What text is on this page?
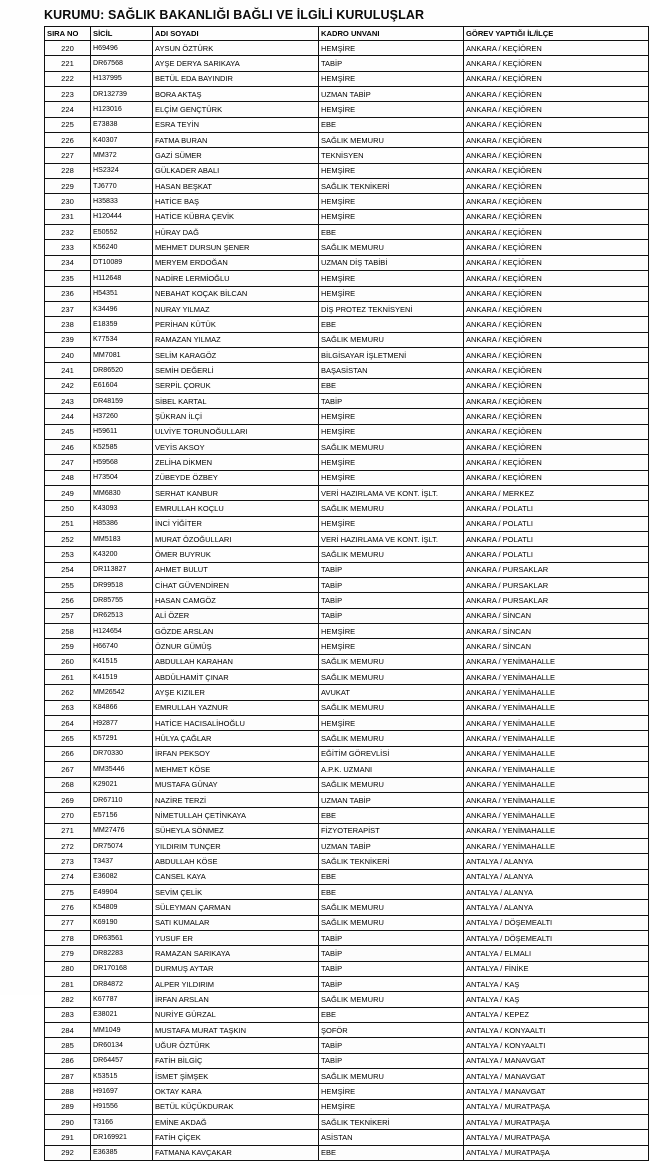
KURUMU: SAĞLIK BAKANLIĞI BAĞLI VE İLGİLİ KURULUŞLAR
SIRA NO	SİCİL	ADI SOYADI	KADRO UNVANI	GÖREV YAPTIĞI İL/İLÇE
220	H69496	AYSUN ÖZTÜRK	HEMŞİRE	ANKARA / KEÇİÖREN
221	DR67568	AYŞE DERYA SARIKAYA	TABİP	ANKARA / KEÇİÖREN
222	H137995	BETÜL EDA BAYINDIR	HEMŞİRE	ANKARA / KEÇİÖREN
223	DR132739	BORA AKTAŞ	UZMAN TABİP	ANKARA / KEÇİÖREN
224	H123016	ELÇİM GENÇTÜRK	HEMŞİRE	ANKARA / KEÇİÖREN
225	E73838	ESRA TEYİN	EBE	ANKARA / KEÇİÖREN
226	K40307	FATMA BURAN	SAĞLIK MEMURU	ANKARA / KEÇİÖREN
227	MM372	GAZİ SÜMER	TEKNİSYEN	ANKARA / KEÇİÖREN
228	HS2324	GÜLKADER ABALI	HEMŞİRE	ANKARA / KEÇİÖREN
229	TJ6770	HASAN BEŞKAT	SAĞLIK TEKNİKERİ	ANKARA / KEÇİÖREN
230	H35833	HATİCE BAŞ	HEMŞİRE	ANKARA / KEÇİÖREN
231	H120444	HATİCE KÜBRA ÇEVİK	HEMŞİRE	ANKARA / KEÇİÖREN
232	E50552	HÜRAY DAĞ	EBE	ANKARA / KEÇİÖREN
233	K56240	MEHMET DURSUN ŞENER	SAĞLIK MEMURU	ANKARA / KEÇİÖREN
234	DT10089	MERYEM ERDOĞAN	UZMAN DİŞ TABİBİ	ANKARA / KEÇİÖREN
235	H112648	NADİRE LERMİOĞLU	HEMŞİRE	ANKARA / KEÇİÖREN
236	H54351	NEBAHAT KOÇAK BİLCAN	HEMŞİRE	ANKARA / KEÇİÖREN
237	K34496	NURAY YILMAZ	DİŞ PROTEZ TEKNİSYENİ	ANKARA / KEÇİÖREN
238	E18359	PERİHAN KÜTÜK	EBE	ANKARA / KEÇİÖREN
239	K77534	RAMAZAN YILMAZ	SAĞLIK MEMURU	ANKARA / KEÇİÖREN
240	MM7081	SELİM KARAGÖZ	BİLGİSAYAR İŞLETMENİ	ANKARA / KEÇİÖREN
241	DR86520	SEMİH DEĞERLİ	BAŞASİSTAN	ANKARA / KEÇİÖREN
242	E61604	SERPİL ÇORUK	EBE	ANKARA / KEÇİÖREN
243	DR48159	SİBEL KARTAL	TABİP	ANKARA / KEÇİÖREN
244	H37260	ŞÜKRAN İLÇİ	HEMŞİRE	ANKARA / KEÇİÖREN
245	H59611	ULVİYE TORUNOĞULLARI	HEMŞİRE	ANKARA / KEÇİÖREN
246	K52585	VEYİS AKSOY	SAĞLIK MEMURU	ANKARA / KEÇİÖREN
247	H59568	ZELİHA DİKMEN	HEMŞİRE	ANKARA / KEÇİÖREN
248	H73504	ZÜBEYDE ÖZBEY	HEMŞİRE	ANKARA / KEÇİÖREN
249	MM6830	SERHAT KANBUR	VERİ HAZIRLAMA VE KONT. İŞLT.	ANKARA / MERKEZ
250	K43093	EMRULLAH KOÇLU	SAĞLIK MEMURU	ANKARA / POLATLI
251	H85386	İNCİ YİĞİTER	HEMŞİRE	ANKARA / POLATLI
252	MM5183	MURAT ÖZOĞULLARI	VERİ HAZIRLAMA VE KONT. İŞLT.	ANKARA / POLATLI
253	K43200	ÖMER BUYRUK	SAĞLIK MEMURU	ANKARA / POLATLI
254	DR113827	AHMET BULUT	TABİP	ANKARA / PURSAKLAR
255	DR99518	CİHAT GÜVENDİREN	TABİP	ANKARA / PURSAKLAR
256	DR85755	HASAN CAMGÖZ	TABİP	ANKARA / PURSAKLAR
257	DR62513	ALİ ÖZER	TABİP	ANKARA / SİNCAN
258	H124654	GÖZDE ARSLAN	HEMŞİRE	ANKARA / SİNCAN
259	H66740	ÖZNUR GÜMÜŞ	HEMŞİRE	ANKARA / SİNCAN
260	K41515	ABDULLAH KARAHAN	SAĞLIK MEMURU	ANKARA / YENİMAHALLE
261	K41519	ABDÜLHAMİT ÇINAR	SAĞLIK MEMURU	ANKARA / YENİMAHALLE
262	MM26542	AYŞE KIZILER	AVUKAT	ANKARA / YENİMAHALLE
263	K84866	EMRULLAH YAZNUR	SAĞLIK MEMURU	ANKARA / YENİMAHALLE
264	H92877	HATİCE HACISALİHOĞLU	HEMŞİRE	ANKARA / YENİMAHALLE
265	K57291	HÜLYA ÇAĞLAR	SAĞLIK MEMURU	ANKARA / YENİMAHALLE
266	DR70330	İRFAN PEKSOY	EĞİTİM GÖREVLİSİ	ANKARA / YENİMAHALLE
267	MM35446	MEHMET KÖSE	A.P.K. UZMANI	ANKARA / YENİMAHALLE
268	K29021	MUSTAFA GÜNAY	SAĞLIK MEMURU	ANKARA / YENİMAHALLE
269	DR67110	NAZİRE TERZİ	UZMAN TABİP	ANKARA / YENİMAHALLE
270	E57156	NİMETULLAH ÇETİNKAYA	EBE	ANKARA / YENİMAHALLE
271	MM27476	SÜHEYLA SÖNMEZ	FİZYOTERAPİST	ANKARA / YENİMAHALLE
272	DR75074	YILDIRIM TUNÇER	UZMAN TABİP	ANKARA / YENİMAHALLE
273	T3437	ABDULLAH KÖSE	SAĞLIK TEKNİKERİ	ANTALYA / ALANYA
274	E36082	CANSEL KAYA	EBE	ANTALYA / ALANYA
275	E49904	SEVİM ÇELİK	EBE	ANTALYA / ALANYA
276	K54809	SÜLEYMAN ÇARMAN	SAĞLIK MEMURU	ANTALYA / ALANYA
277	K69190	SATI KUMALAR	SAĞLIK MEMURU	ANTALYA / DÖŞEMEALTI
278	DR63561	YUSUF ER	TABİP	ANTALYA / DÖŞEMEALTI
279	DR82283	RAMAZAN SARIKAYA	TABİP	ANTALYA / ELMALI
280	DR170168	DURMUŞ AYTAR	TABİP	ANTALYA / FİNİKE
281	DR84872	ALPER YILDIRIM	TABİP	ANTALYA / KAŞ
282	K67787	İRFAN ARSLAN	SAĞLIK MEMURU	ANTALYA / KAŞ
283	E38021	NURİYE GÜRZAL	EBE	ANTALYA / KEPEZ
284	MM1049	MUSTAFA MURAT TAŞKIN	ŞOFÖR	ANTALYA / KONYAALTI
285	DR60134	UĞUR ÖZTÜRK	TABİP	ANTALYA / KONYAALTI
286	DR64457	FATİH BİLGİÇ	TABİP	ANTALYA / MANAVGAT
287	K53515	İSMET ŞİMŞEK	SAĞLIK MEMURU	ANTALYA / MANAVGAT
288	H91697	OKTAY KARA	HEMŞİRE	ANTALYA / MANAVGAT
289	H91556	BETÜL KÜÇÜKDURAK	HEMŞİRE	ANTALYA / MURATPAŞA
290	T3166	EMİNE AKDAĞ	SAĞLIK TEKNİKERİ	ANTALYA / MURATPAŞA
291	DR169921	FATİH ÇİÇEK	ASİSTAN	ANTALYA / MURATPAŞA
292	E36385	FATMANA KAVÇAKAR	EBE	ANTALYA / MURATPAŞA
